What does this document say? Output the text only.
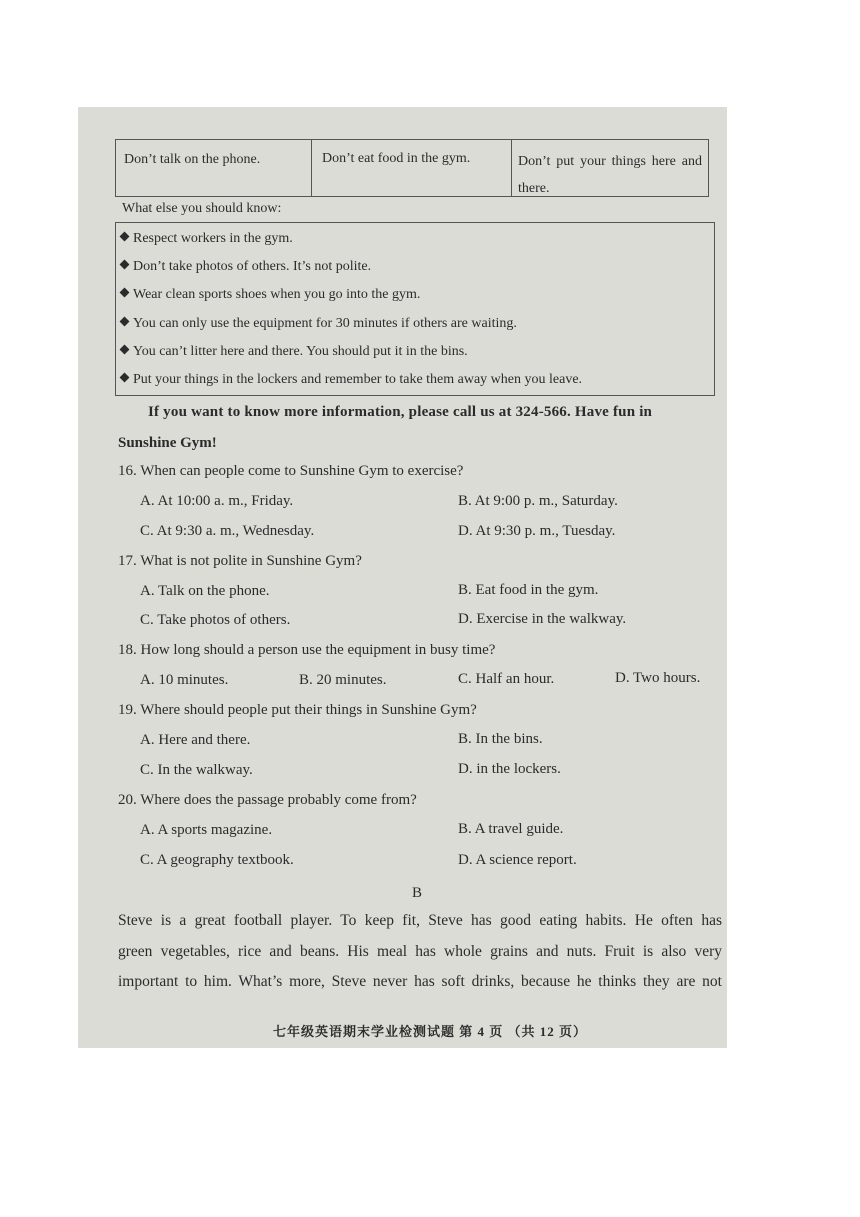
Don’t talk on the phone.	Don’t eat food in the gym.	Don’t put your things here and there.
What else you should know:
Respect workers in the gym.
Don’t take photos of others. It’s not polite.
Wear clean sports shoes when you go into the gym.
You can only use the equipment for 30 minutes if others are waiting.
You can’t litter here and there. You should put it in the bins.
Put your things in the lockers and remember to take them away when you leave.
If you want to know more information, please call us at 324-566. Have fun in
Sunshine Gym!
16. When can people come to Sunshine Gym to exercise?
A. At 10:00 a. m., Friday.	B. At 9:00 p. m., Saturday.
C. At 9:30 a. m., Wednesday.	D. At 9:30 p. m., Tuesday.
17. What is not polite in Sunshine Gym?
A. Talk on the phone.	B. Eat food in the gym.
C. Take photos of others.	D. Exercise in the walkway.
18. How long should a person use the equipment in busy time?
A. 10 minutes.	B. 20 minutes.	C. Half an hour.	D. Two hours.
19. Where should people put their things in Sunshine Gym?
A. Here and there.	B. In the bins.
C. In the walkway.	D. in the lockers.
20. Where does the passage probably come from?
A. A sports magazine.	B. A travel guide.
C. A geography textbook.	D. A science report.
B
Steve is a great football player. To keep fit, Steve has good eating habits. He often has
green vegetables, rice and beans. His meal has whole grains and nuts. Fruit is also very
important to him. What’s more, Steve never has soft drinks, because he thinks they are not
七年级英语期末学业检测试题 第 4 页 （共 12 页）
